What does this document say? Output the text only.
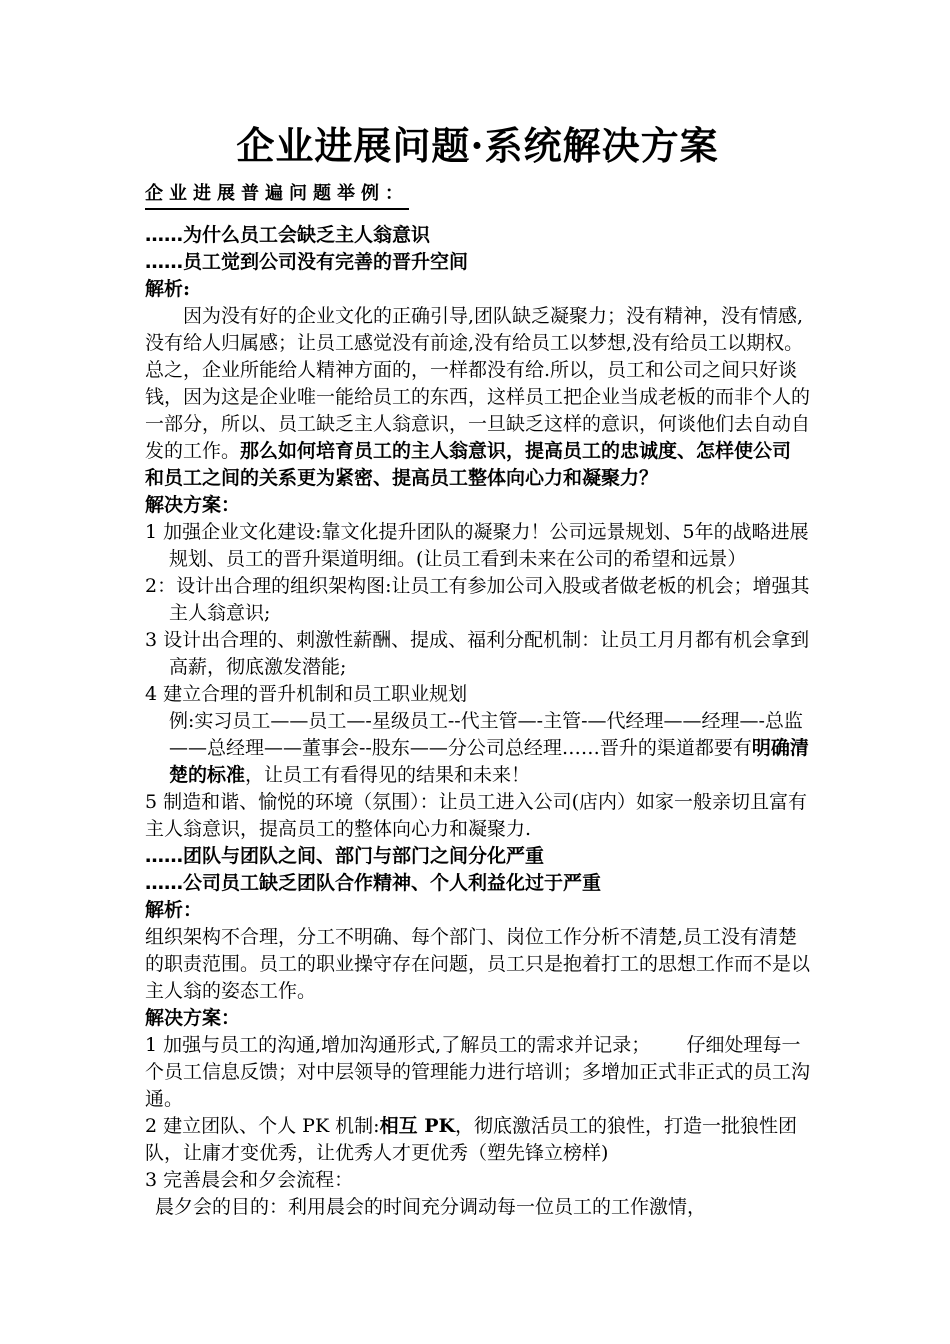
企业进展问题·系统解决方案
企业进展普遍问题举例：

……为什么员工会缺乏主人翁意识

……员工觉到公司没有完善的晋升空间

解析:

因为没有好的企业文化的正确引导,团队缺乏凝聚力；没有精神，没有情感,没有给人归属感；让员工感觉没有前途,没有给员工以梦想,没有给员工以期权。总之，企业所能给人精神方面的，一样都没有给.所以，员工和公司之间只好谈钱，因为这是企业唯一能给员工的东西，这样员工把企业当成老板的而非个人的一部分，所以、员工缺乏主人翁意识，一旦缺乏这样的意识，何谈他们去自动自发的工作。那么如何培育员工的主人翁意识，提高员工的忠诚度、怎样使公司和员工之间的关系更为紧密、提高员工整体向心力和凝聚力？

解决方案：

1 加强企业文化建设:靠文化提升团队的凝聚力！公司远景规划、5年的战略进展规划、员工的晋升渠道明细。(让员工看到未来在公司的希望和远景）

2：设计出合理的组织架构图:让员工有参加公司入股或者做老板的机会；增强其主人翁意识;

3 设计出合理的、刺激性薪酬、提成、福利分配机制：让员工月月都有机会拿到高薪，彻底激发潜能;

4 建立合理的晋升机制和员工职业规划

例:实习员工——员工—-星级员工--代主管—-主管-—代经理——经理—-总监——总经理——董事会--股东——分公司总经理……晋升的渠道都要有明确清楚的标准，让员工有看得见的结果和未来！

5 制造和谐、愉悦的环境（氛围）：让员工进入公司(店内）如家一般亲切且富有主人翁意识，提高员工的整体向心力和凝聚力.

……团队与团队之间、部门与部门之间分化严重

……公司员工缺乏团队合作精神、个人利益化过于严重

解析：

组织架构不合理，分工不明确、每个部门、岗位工作分析不清楚,员工没有清楚的职责范围。员工的职业操守存在问题，员工只是抱着打工的思想工作而不是以主人翁的姿态工作。

解决方案：

1 加强与员工的沟通,增加沟通形式,了解员工的需求并记录；      仔细处理每一个员工信息反馈；对中层领导的管理能力进行培训；多增加正式非正式的员工沟通。

2 建立团队、个人 PK 机制:相互 PK，彻底激活员工的狼性，打造一批狼性团队，让庸才变优秀，让优秀人才更优秀（塑先锋立榜样)

3 完善晨会和夕会流程：

晨夕会的目的：利用晨会的时间充分调动每一位员工的工作激情，
